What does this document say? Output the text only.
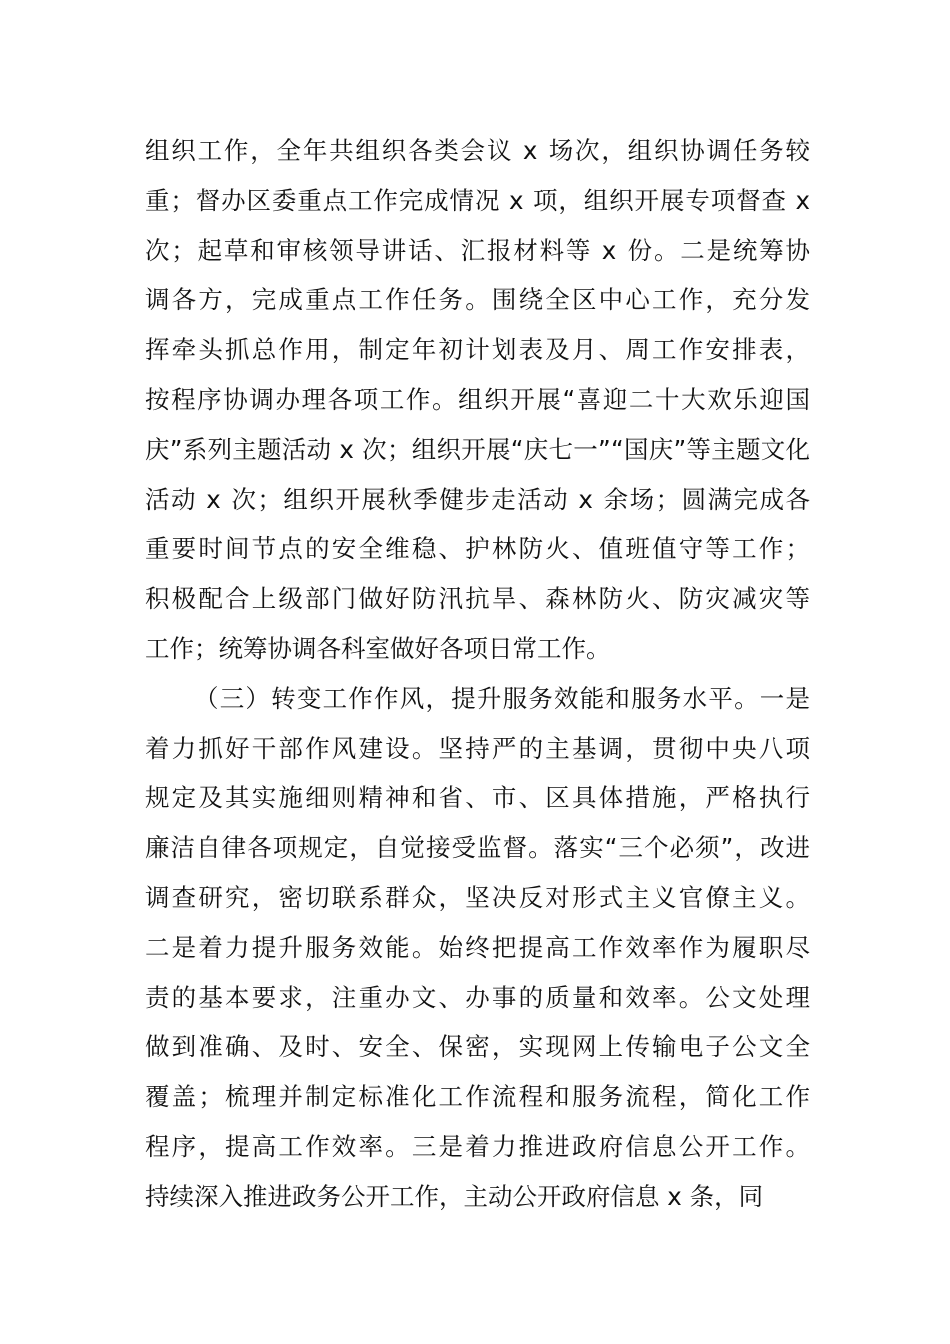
组织工作，全年共组织各类会议 x 场次，组织协调任务较
重；督办区委重点工作完成情况 x 项，组织开展专项督查 x
次；起草和审核领导讲话、汇报材料等 x 份。二是统筹协
调各方，完成重点工作任务。围绕全区中心工作，充分发
挥牵头抓总作用，制定年初计划表及月、周工作安排表，
按程序协调办理各项工作。组织开展“喜迎二十大欢乐迎国
庆”系列主题活动 x 次；组织开展“庆七一”“国庆”等主题文化
活动 x 次；组织开展秋季健步走活动 x 余场；圆满完成各
重要时间节点的安全维稳、护林防火、值班值守等工作；
积极配合上级部门做好防汛抗旱、森林防火、防灾减灾等
工作；统筹协调各科室做好各项日常工作。
（三）转变工作作风，提升服务效能和服务水平。一是
着力抓好干部作风建设。坚持严的主基调，贯彻中央八项
规定及其实施细则精神和省、市、区具体措施，严格执行
廉洁自律各项规定，自觉接受监督。落实“三个必须”，改进
调查研究，密切联系群众，坚决反对形式主义官僚主义。
二是着力提升服务效能。始终把提高工作效率作为履职尽
责的基本要求，注重办文、办事的质量和效率。公文处理
做到准确、及时、安全、保密，实现网上传输电子公文全
覆盖；梳理并制定标准化工作流程和服务流程，简化工作
程序，提高工作效率。三是着力推进政府信息公开工作。
持续深入推进政务公开工作，主动公开政府信息 x 条，同
